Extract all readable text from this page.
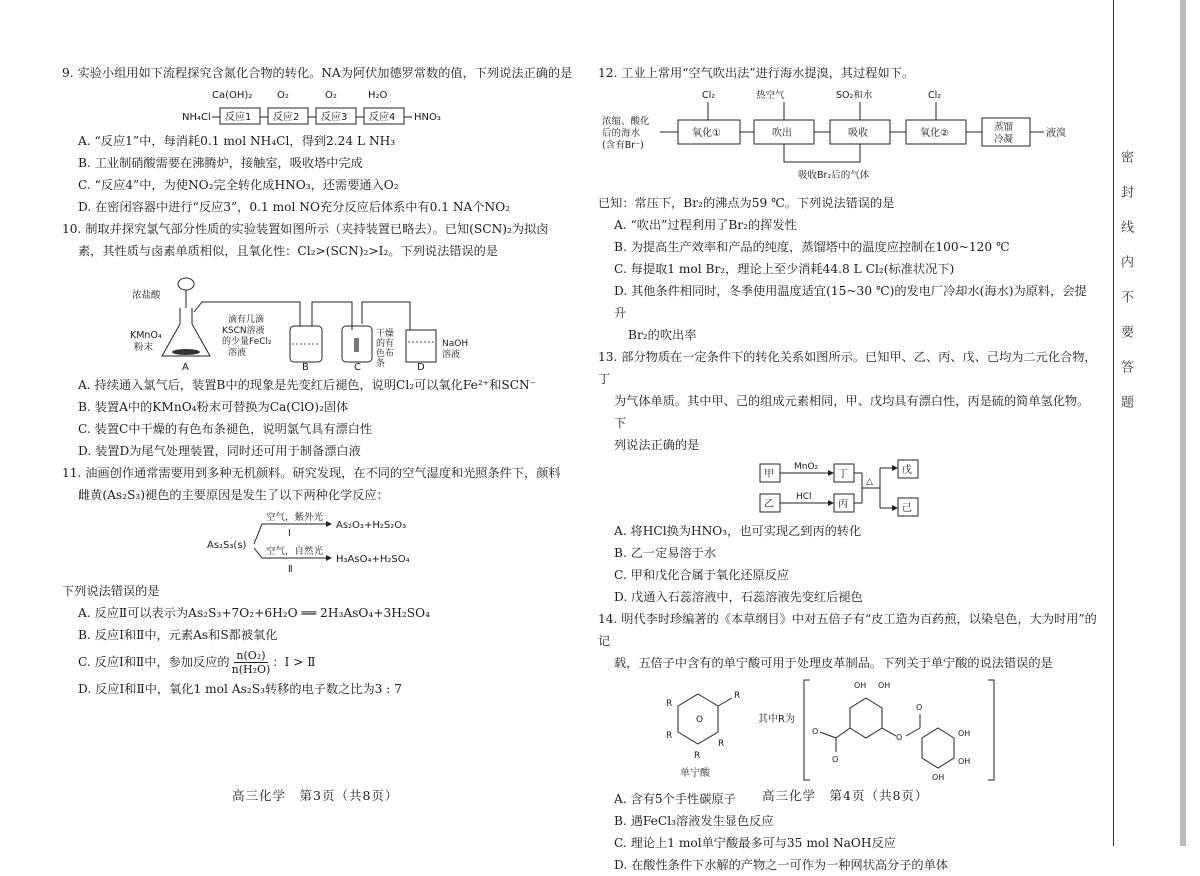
9. 实验小组用如下流程探究含氮化合物的转化。NA为阿伏加德罗常数的值，下列说法正确的是

Ca(OH)₂ O₂	O₂	H₂O
NH₄Cl 反应1 反应2 反应3 反应4 HNO₃

A. “反应1”中，每消耗0.1 mol NH₄Cl，得到2.24 L NH₃

B. 工业制硝酸需要在沸腾炉，接触室，吸收塔中完成

C. “反应4”中，为使NO₂完全转化成HNO₃，还需要通入O₂

D. 在密闭容器中进行“反应3”，0.1 mol NO充分反应后体系中有0.1 NA个NO₂

10. 制取并探究氯气部分性质的实验装置如图所示（夹持装置已略去）。已知(SCN)₂为拟卤

素，其性质与卤素单质相似，且氧化性：Cl₂>(SCN)₂>I₂。下列说法错误的是

浓盐酸
KMnO₄
粉末
滴有几滴
KSCN溶液
的少量FeCl₂
溶液
干燥
的有
色布
条
NaOH
溶液
A	B	C	D

A. 持续通入氯气后，装置B中的现象是先变红后褪色，说明Cl₂可以氧化Fe²⁺和SCN⁻

B. 装置A中的KMnO₄粉末可替换为Ca(ClO)₂固体

C. 装置C中干燥的有色布条褪色，说明氯气具有漂白性

D. 装置D为尾气处理装置，同时还可用于制备漂白液

11. 油画创作通常需要用到多种无机颜料。研究发现，在不同的空气湿度和光照条件下，颜料

雌黄(As₂S₃)褪色的主要原因是发生了以下两种化学反应：

As₂S₃(s)
空气，紫外光
Ⅰ
As₂O₃+H₂S₂O₃
空气，自然光
Ⅱ
H₃AsO₄+H₂SO₄

下列说法错误的是

A. 反应Ⅱ可以表示为As₂S₃+7O₂+6H₂O ══ 2H₃AsO₄+3H₂SO₄

B. 反应Ⅰ和Ⅱ中，元素As和S都被氧化

C. 反应Ⅰ和Ⅱ中，参加反应的 $\frac{\text{n(O₂)}}{\text{n(H₂O)}}$ ：Ⅰ > Ⅱ

D. 反应Ⅰ和Ⅱ中，氧化1 mol As₂S₃转移的电子数之比为3 : 7

高三化学　第3页（共8页）

12. 工业上常用“空气吹出法”进行海水提溴，其过程如下。

浓缩、酸化
后的海水
(含有Br⁻)
Cl₂
氧化①
热空气
吹出
SO₂和水
吸收
Cl₂
氧化②
蒸馏
冷凝
液溴
吸收Br₂后的气体

已知：常压下，Br₂的沸点为59 ℃。下列说法错误的是

A. “吹出”过程利用了Br₂的挥发性

B. 为提高生产效率和产品的纯度，蒸馏塔中的温度应控制在100~120 ℃

C. 每提取1 mol Br₂，理论上至少消耗44.8 L Cl₂(标准状况下)

D. 其他条件相同时，冬季使用温度适宜(15~30 ℃)的发电厂冷却水(海水)为原料，会提升

Br₂的吹出率

13. 部分物质在一定条件下的转化关系如图所示。已知甲、乙、丙、戊、己均为二元化合物，丁

为气体单质。其中甲、己的组成元素相同，甲、戊均具有漂白性，丙是硫的简单氢化物。下

列说法正确的是

甲
乙
MnO₂
HCl
丁
丙
△
戊
己

A. 将HCl换为HNO₃，也可实现乙到丙的转化

B. 乙一定易溶于水

C. 甲和戊化合属于氧化还原反应

D. 戊通入石蕊溶液中，石蕊溶液先变红后褪色

14. 明代李时珍编著的《本草纲目》中对五倍子有“皮工造为百药煎，以染皂色，大为时用”的记

载，五倍子中含有的单宁酸可用于处理皮革制品。下列关于单宁酸的说法错误的是

O
R
R
R
R
R
单宁酸
其中R为
O
O
OH OH
O
O
OH
OH
OH

A. 含有5个手性碳原子

B. 遇FeCl₃溶液发生显色反应

C. 理论上1 mol单宁酸最多可与35 mol NaOH反应

D. 在酸性条件下水解的产物之一可作为一种网状高分子的单体

高三化学　第4页（共8页）
密封线内不要答题
